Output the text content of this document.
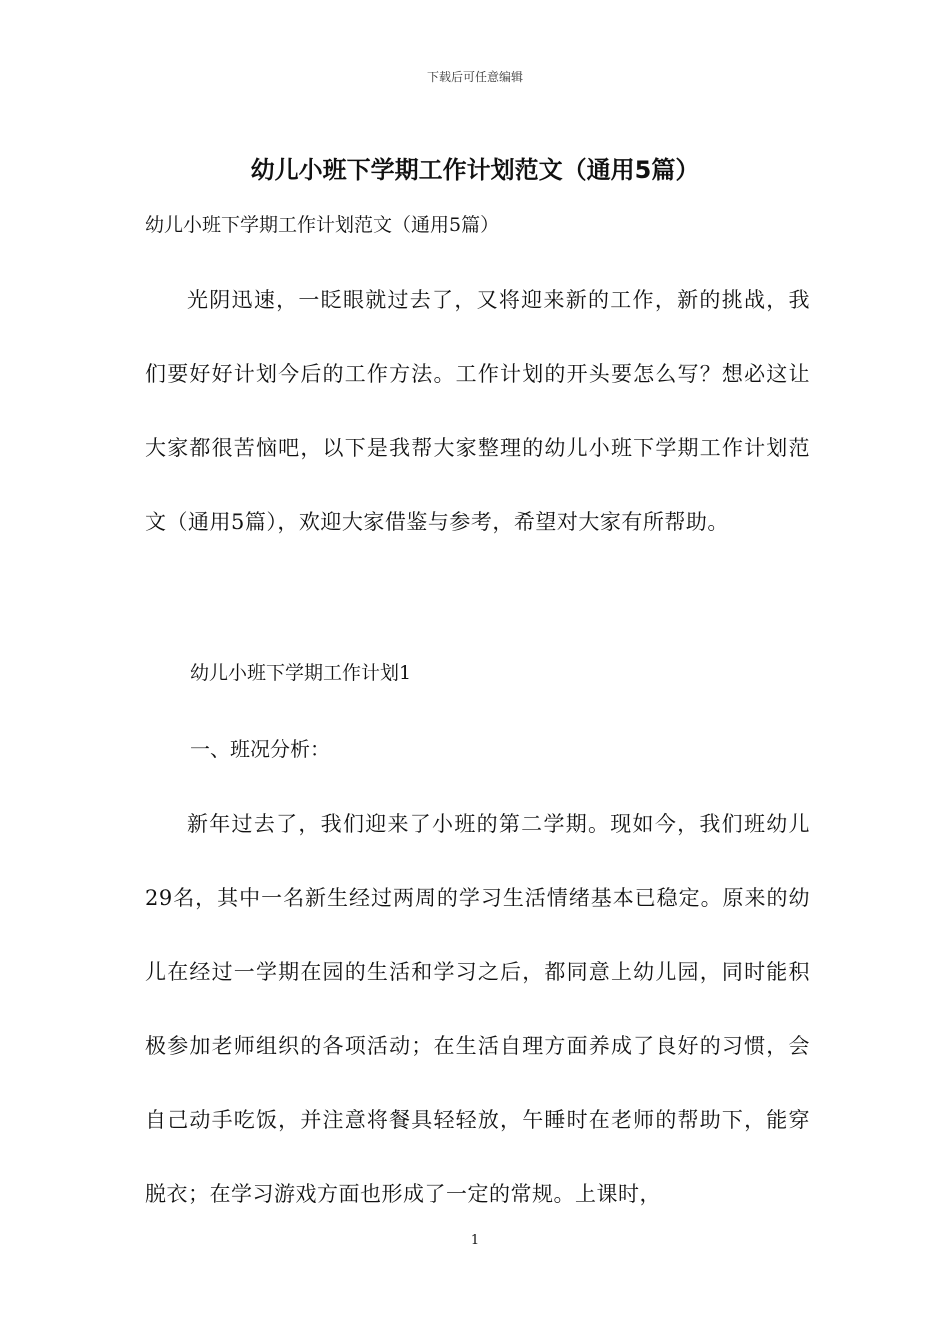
下载后可任意编辑
幼儿小班下学期工作计划范文（通用5篇）
幼儿小班下学期工作计划范文（通用5篇）
光阴迅速，一眨眼就过去了，又将迎来新的工作，新的挑战，我们要好好计划今后的工作方法。工作计划的开头要怎么写？想必这让大家都很苦恼吧，以下是我帮大家整理的幼儿小班下学期工作计划范文（通用5篇），欢迎大家借鉴与参考，希望对大家有所帮助。
幼儿小班下学期工作计划1
一、班况分析：
新年过去了，我们迎来了小班的第二学期。现如今，我们班幼儿29名，其中一名新生经过两周的学习生活情绪基本已稳定。原来的幼儿在经过一学期在园的生活和学习之后，都同意上幼儿园，同时能积极参加老师组织的各项活动；在生活自理方面养成了良好的习惯，会自己动手吃饭，并注意将餐具轻轻放，午睡时在老师的帮助下，能穿脱衣；在学习游戏方面也形成了一定的常规。上课时，
1
